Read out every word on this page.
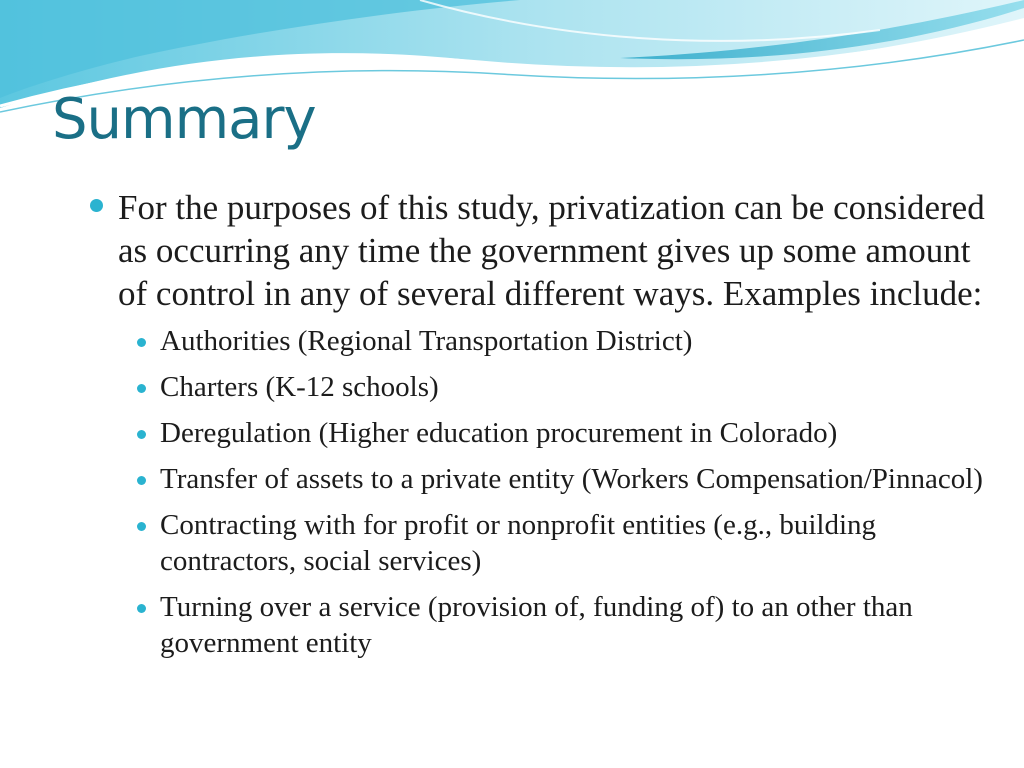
Summary
For the purposes of this study, privatization can be considered as occurring any time the government gives up some amount of control in any of several different ways. Examples include:
Authorities (Regional Transportation District)
Charters (K-12 schools)
Deregulation (Higher education procurement in Colorado)
Transfer of assets to a private entity (Workers Compensation/Pinnacol)
Contracting with for profit or nonprofit entities (e.g., building contractors, social services)
Turning over a service (provision of, funding of) to an other than government entity
